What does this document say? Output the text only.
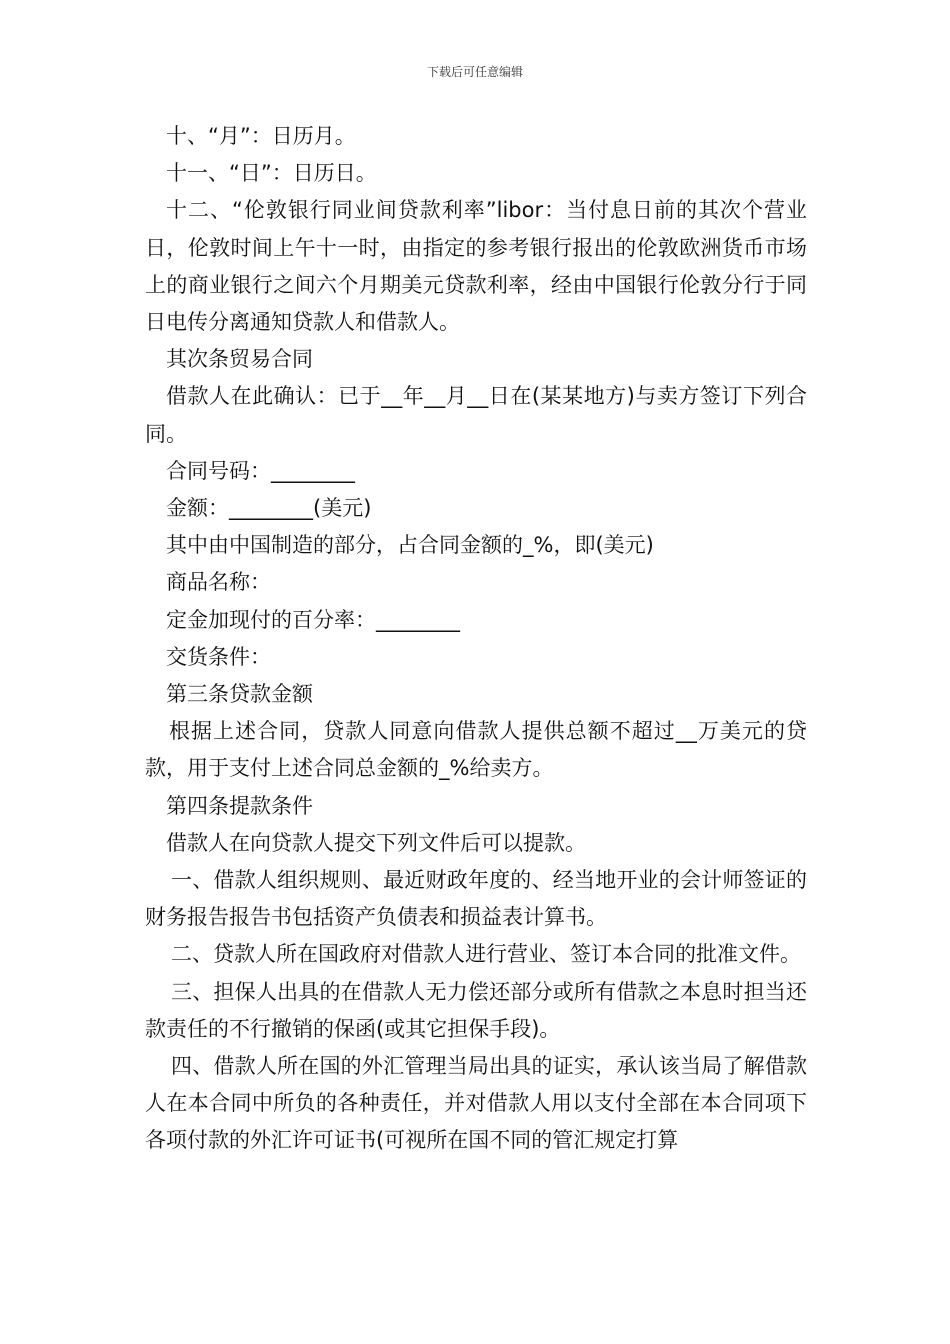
下载后可任意编辑

十、“月”：日历月。

十一、“日”：日历日。

十二、“伦敦银行同业间贷款利率”libor：当付息日前的其次个营业日，伦敦时间上午十一时，由指定的参考银行报出的伦敦欧洲货币市场上的商业银行之间六个月期美元贷款利率，经由中国银行伦敦分行于同日电传分离通知贷款人和借款人。

其次条贸易合同

借款人在此确认：已于__年__月__日在(某某地方)与卖方签订下列合同。

合同号码：________

金额：________(美元)

其中由中国制造的部分，占合同金额的_%，即(美元)

商品名称：

定金加现付的百分率：________

交货条件：

第三条贷款金额

根据上述合同，贷款人同意向借款人提供总额不超过__万美元的贷款，用于支付上述合同总金额的_%给卖方。

第四条提款条件

借款人在向贷款人提交下列文件后可以提款。

一、借款人组织规则、最近财政年度的、经当地开业的会计师签证的财务报告报告书包括资产负债表和损益表计算书。

二、贷款人所在国政府对借款人进行营业、签订本合同的批准文件。

三、担保人出具的在借款人无力偿还部分或所有借款之本息时担当还款责任的不行撤销的保函(或其它担保手段)。

四、借款人所在国的外汇管理当局出具的证实，承认该当局了解借款人在本合同中所负的各种责任，并对借款人用以支付全部在本合同项下各项付款的外汇许可证书(可视所在国不同的管汇规定打算
